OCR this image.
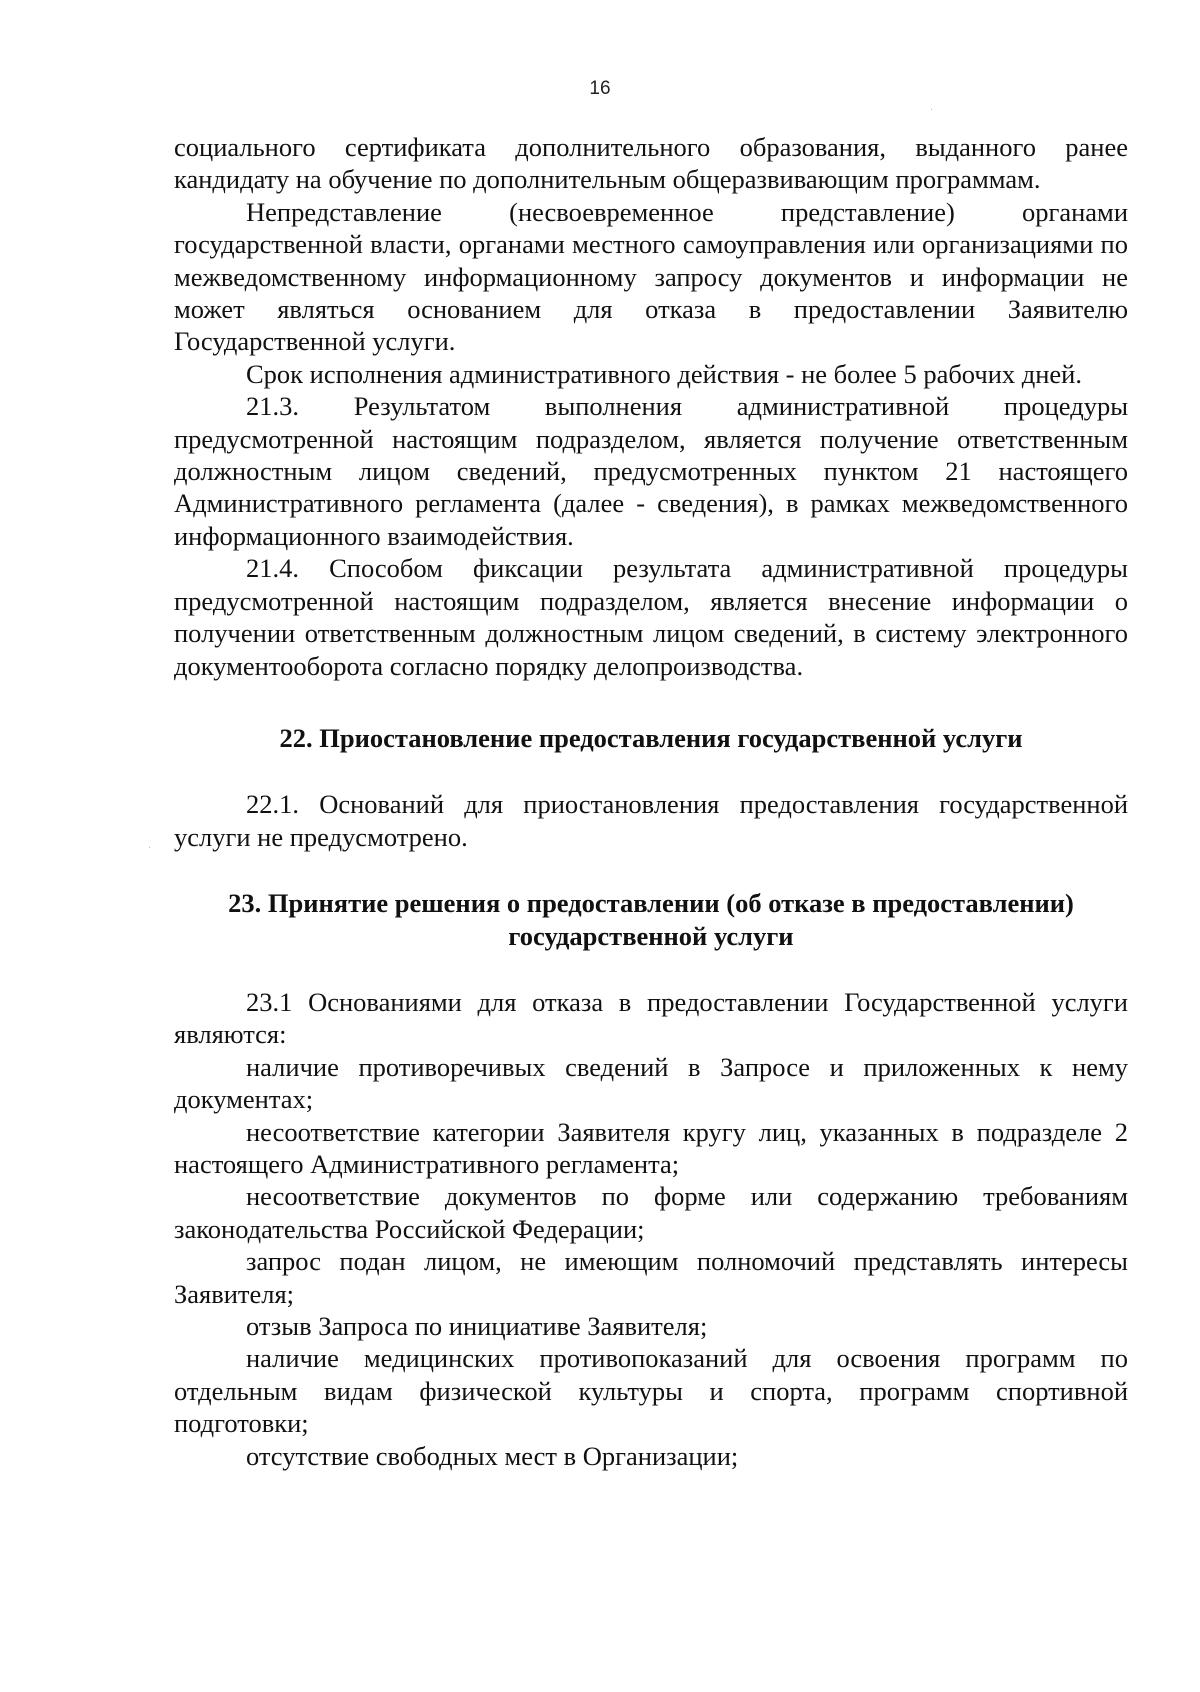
16

социального сертификата дополнительного образования, выданного ранее кандидату на обучение по дополнительным общеразвивающим программам.

Непредставление (несвоевременное представление) органами государственной власти, органами местного самоуправления или организациями по межведомственному информационному запросу документов и информации не может являться основанием для отказа в предоставлении Заявителю Государственной услуги.

Срок исполнения административного действия - не более 5 рабочих дней.

21.3. Результатом выполнения административной процедуры предусмотренной настоящим подразделом, является получение ответственным должностным лицом сведений, предусмотренных пунктом 21 настоящего Административного регламента (далее - сведения), в рамках межведомственного информационного взаимодействия.

21.4. Способом фиксации результата административной процедуры предусмотренной настоящим подразделом, является внесение информации о получении ответственным должностным лицом сведений, в систему электронного документооборота согласно порядку делопроизводства.

22. Приостановление предоставления государственной услуги

22.1. Оснований для приостановления предоставления государственной услуги не предусмотрено.

23. Принятие решения о предоставлении (об отказе в предоставлении)

государственной услуги

23.1 Основаниями для отказа в предоставлении Государственной услуги являются:

наличие противоречивых сведений в Запросе и приложенных к нему документах;

несоответствие категории Заявителя кругу лиц, указанных в подразделе 2 настоящего Административного регламента;

несоответствие документов по форме или содержанию требованиям законодательства Российской Федерации;

запрос подан лицом, не имеющим полномочий представлять интересы Заявителя;

отзыв Запроса по инициативе Заявителя;

наличие медицинских противопоказаний для освоения программ по отдельным видам физической культуры и спорта, программ спортивной подготовки;

отсутствие свободных мест в Организации;

·
·
